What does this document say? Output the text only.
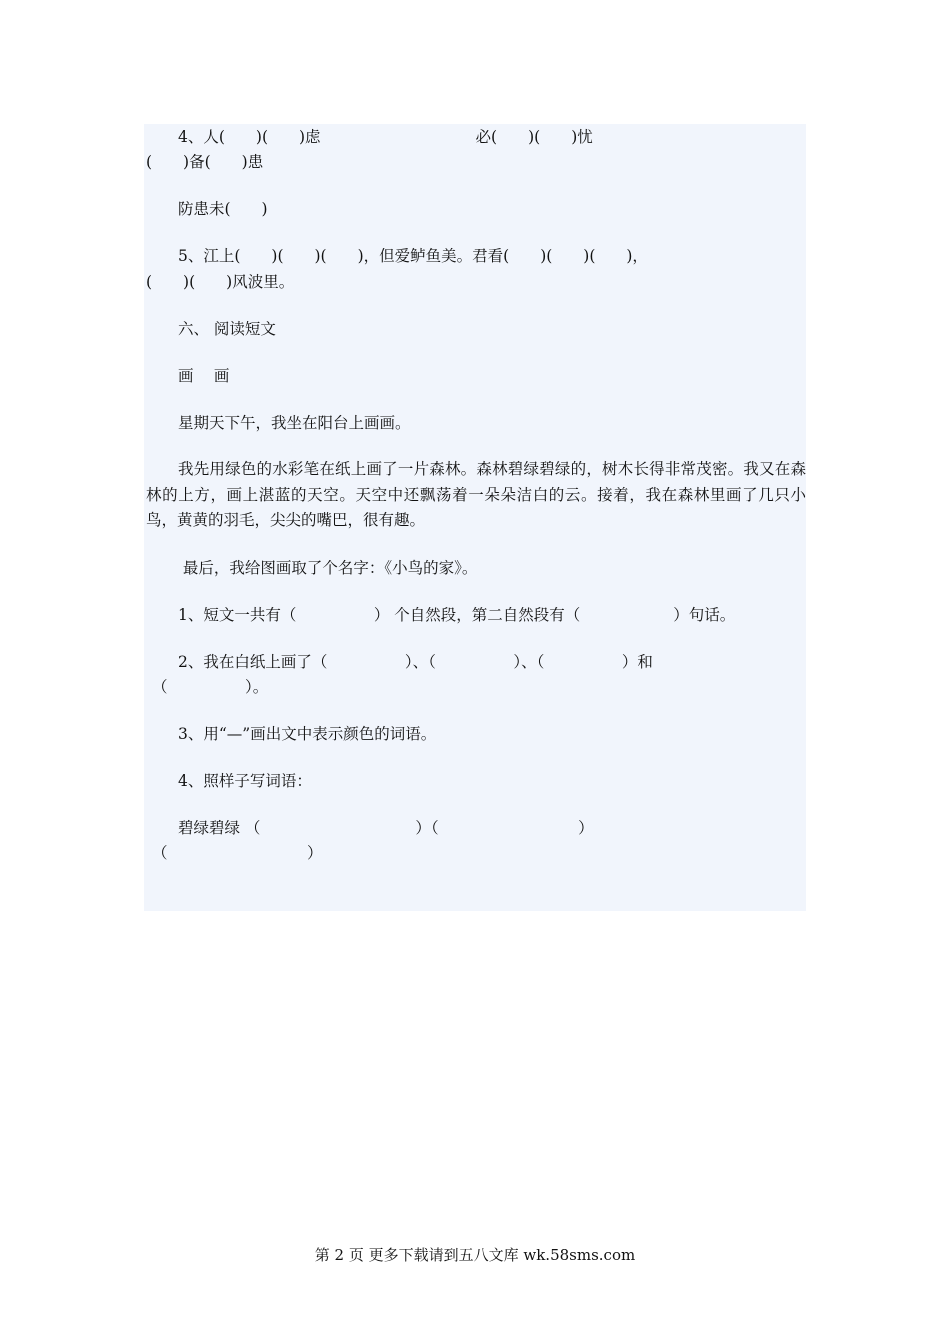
4、人(　　)(　　)虑　　　　　　　　　　必(　　)(　　)忧
(　　)备(　　)患
防患未(　　)
5、江上(　　)(　　)(　　)，但爱鲈鱼美。君看(　　)(　　)(　　)，
(　　)(　　)风波里。
六、 阅读短文
画　 画
星期天下午，我坐在阳台上画画。
我先用绿色的水彩笔在纸上画了一片森林。森林碧绿碧绿的，树木长得非常茂密。我又在森林的上方，画上湛蓝的天空。天空中还飘荡着一朵朵洁白的云。接着，我在森林里画了几只小鸟，黄黄的羽毛，尖尖的嘴巴，很有趣。
最后，我给图画取了个名字：《小鸟的家》。
1、短文一共有（　　　　　） 个自然段，第二自然段有（　　　　　　）句话。
2、我在白纸上画了（　　　　　）、（　　　　　）、（　　　　　）和
（　　　　　）。
3、用“—”画出文中表示颜色的词语。
4、照样子写词语：
碧绿碧绿 （　　　　　　　　　　）（　　　　　　　　　）
（　　　　　　　　　）
第 2 页 更多下载请到五八文库 wk.58sms.com
